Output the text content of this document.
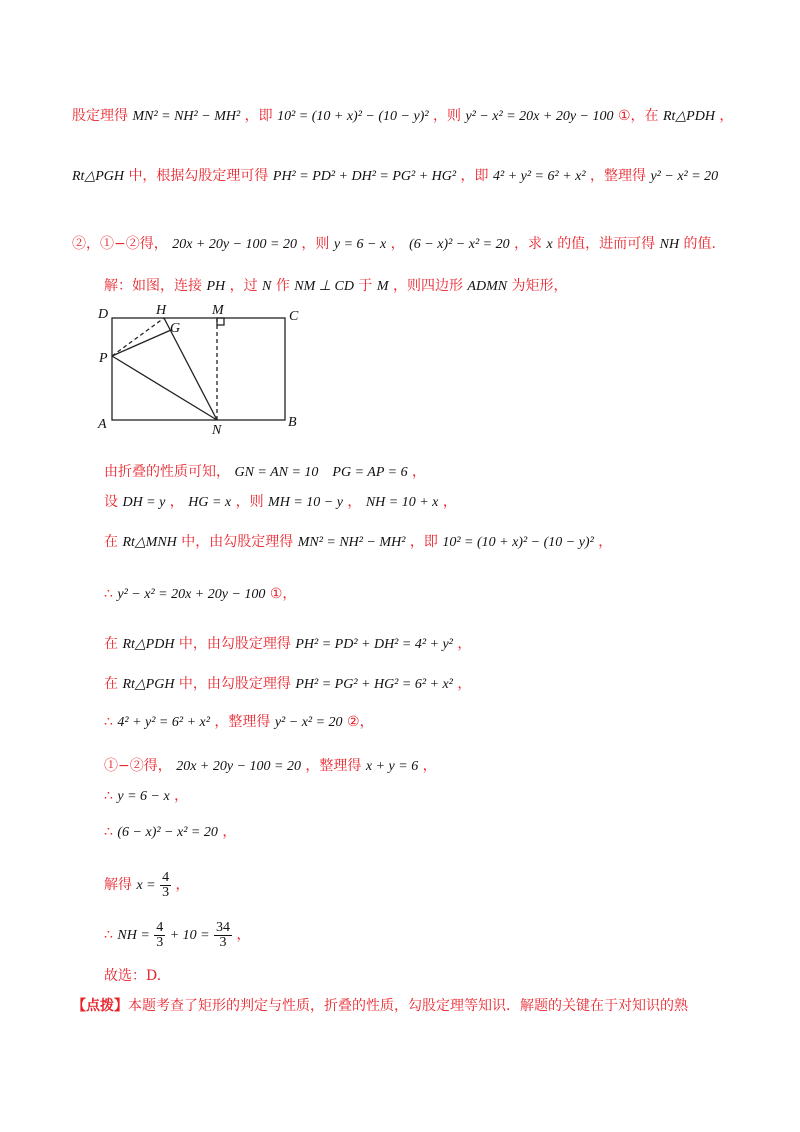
股定理得 MN² = NH² − MH² ，即 10² = (10 + x)² − (10 − y)² ，则 y² − x² = 20x + 20y − 100 ①，在 Rt△PDH ，
Rt△PGH 中，根据勾股定理可得 PH² = PD² + DH² = PG² + HG² ，即 4² + y² = 6² + x² ，整理得 y² − x² = 20
②，①−②得， 20x + 20y − 100 = 20 ，则 y = 6 − x ， (6 − x)² − x² = 20 ，求 x 的值，进而可得 NH 的值.
解：如图，连接 PH ，过 N 作 NM ⊥ CD 于 M ，则四边形 ADMN 为矩形，
D	H	M	C
G
P
A	N
B
由折叠的性质可知， GN = AN = 10    PG = AP = 6 ，
设 DH = y ， HG = x ，则 MH = 10 − y ， NH = 10 + x ，
在 Rt△MNH 中，由勾股定理得 MN² = NH² − MH² ，即 10² = (10 + x)² − (10 − y)² ，
∴ y² − x² = 20x + 20y − 100 ①，
在 Rt△PDH 中，由勾股定理得 PH² = PD² + DH² = 4² + y² ，
在 Rt△PGH 中，由勾股定理得 PH² = PG² + HG² = 6² + x² ，
∴ 4² + y² = 6² + x² ，整理得 y² − x² = 20 ②，
①−②得， 20x + 20y − 100 = 20 ，整理得 x + y = 6 ，
∴ y = 6 − x ，
∴ (6 − x)² − x² = 20 ，
解得 $x = \frac{4}{3}$ ，
∴ NH = $\frac{4}{3} + 10 = \frac{34}{3}$ ，
故选：D.
【点拨】本题考查了矩形的判定与性质，折叠的性质，勾股定理等知识．解题的关键在于对知识的熟
